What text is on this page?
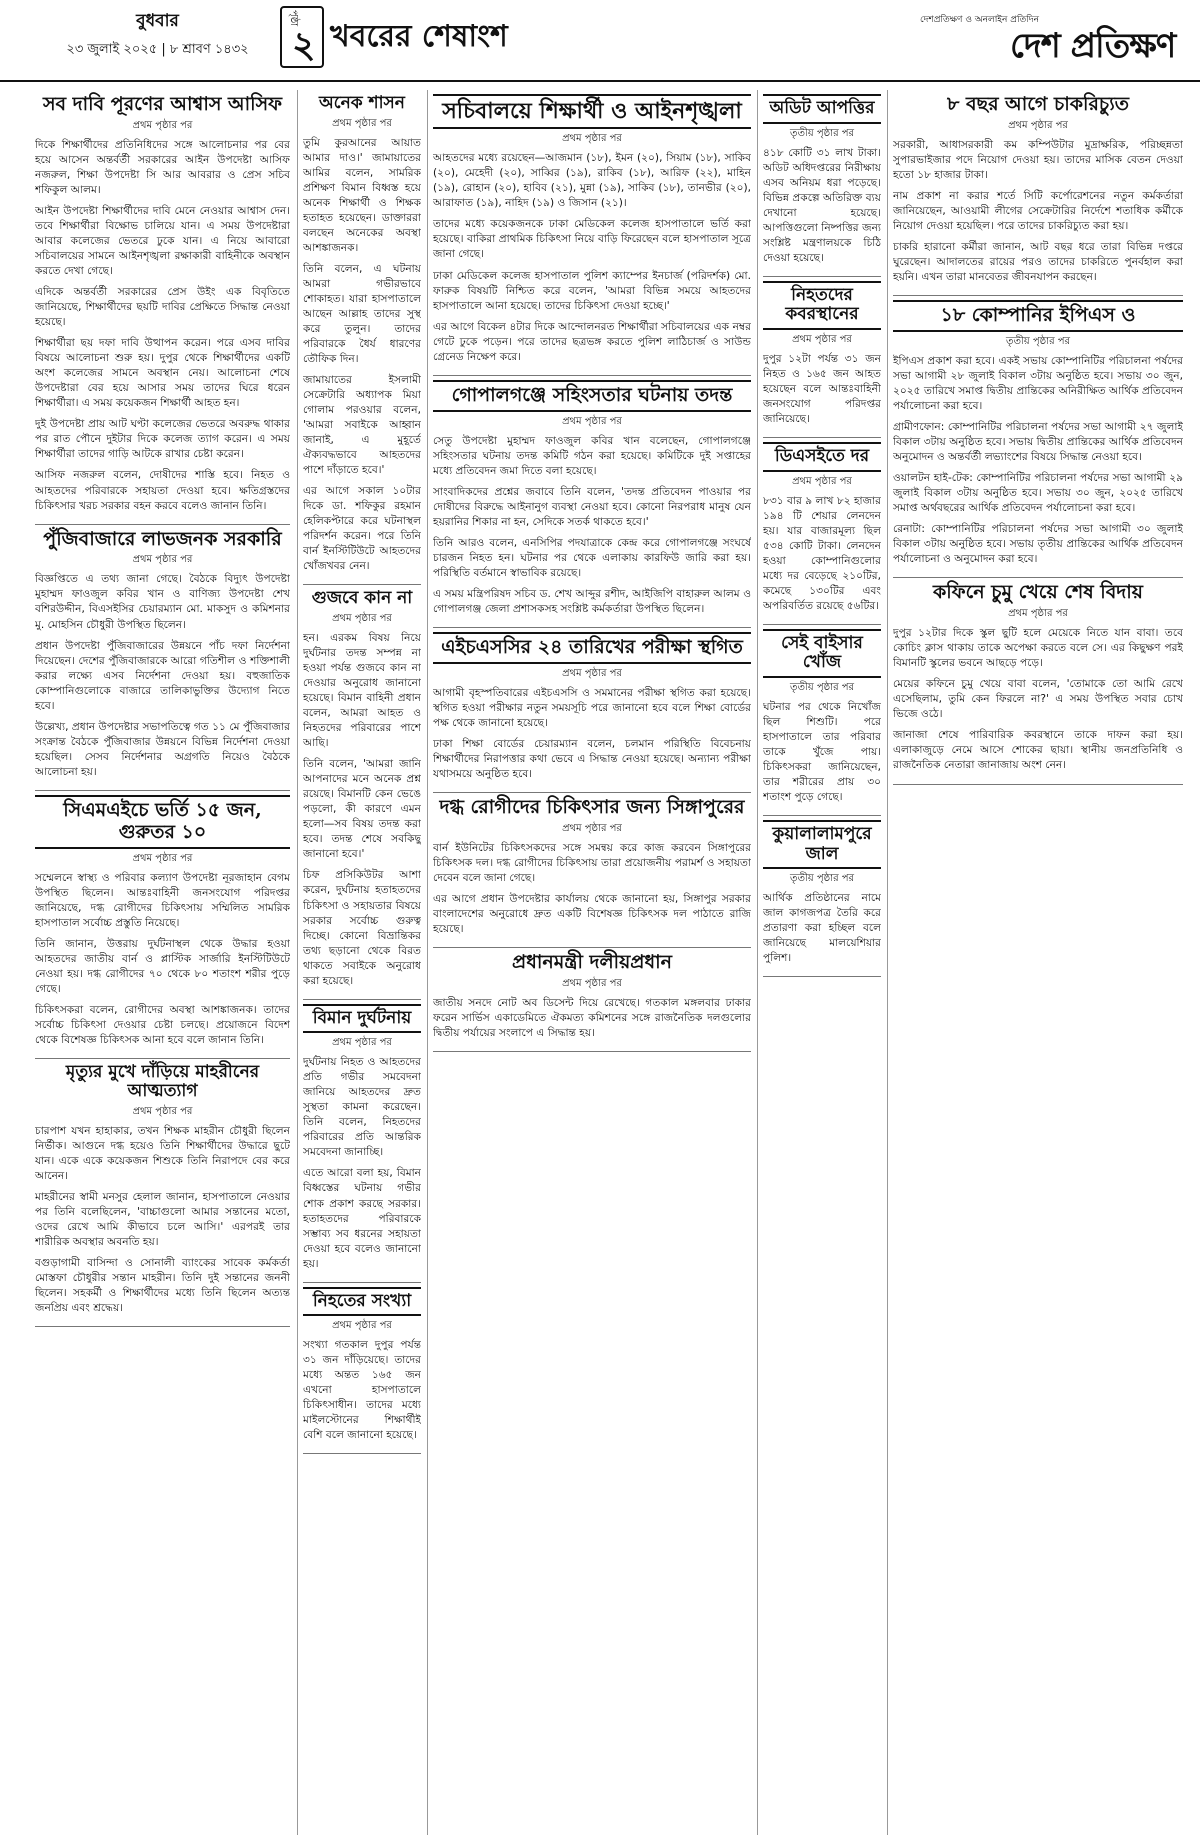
বুধবার
২৩ জুলাই ২০২৫ | ৮ শ্রাবণ ১৪৩২
পৃষ্ঠা
২ খবরের শেষাংশ	দেশপ্রতিক্ষণ ও অনলাইন প্রতিদিন
দেশ প্রতিক্ষণ
সব দাবি পূরণের আশ্বাস আসিফ

প্রথম পৃষ্ঠার পর

দিকে শিক্ষার্থীদের প্রতিনিধিদের সঙ্গে আলোচনার পর বের হয়ে আসেন অন্তর্বর্তী সরকারের আইন উপদেষ্টা আসিফ নজরুল, শিক্ষা উপদেষ্টা সি আর আবরার ও প্রেস সচিব শফিকুল আলম।

আইন উপদেষ্টা শিক্ষার্থীদের দাবি মেনে নেওয়ার আশ্বাস দেন। তবে শিক্ষার্থীরা বিক্ষোভ চালিয়ে যান। এ সময় উপদেষ্টারা আবার কলেজের ভেতরে ঢুকে যান। এ নিয়ে আবারো সচিবালয়ের সামনে আইনশৃঙ্খলা রক্ষাকারী বাহিনীকে অবস্থান করতে দেখা গেছে।

এদিকে অন্তর্বর্তী সরকারের প্রেস উইং এক বিবৃতিতে জানিয়েছে, শিক্ষার্থীদের ছয়টি দাবির প্রেক্ষিতে সিদ্ধান্ত নেওয়া হয়েছে।

শিক্ষার্থীরা ছয় দফা দাবি উত্থাপন করেন। পরে এসব দাবির বিষয়ে আলোচনা শুরু হয়। দুপুর থেকে শিক্ষার্থীদের একটি অংশ কলেজের সামনে অবস্থান নেয়। আলোচনা শেষে উপদেষ্টারা বের হয়ে আসার সময় তাদের ঘিরে ধরেন শিক্ষার্থীরা। এ সময় কয়েকজন শিক্ষার্থী আহত হন।

দুই উপদেষ্টা প্রায় আট ঘণ্টা কলেজের ভেতরে অবরুদ্ধ থাকার পর রাত পৌনে দুইটার দিকে কলেজ ত্যাগ করেন। এ সময় শিক্ষার্থীরা তাদের গাড়ি আটকে রাখার চেষ্টা করেন।

আসিফ নজরুল বলেন, দোষীদের শাস্তি হবে। নিহত ও আহতদের পরিবারকে সহায়তা দেওয়া হবে। ক্ষতিগ্রস্তদের চিকিৎসার খরচ সরকার বহন করবে বলেও জানান তিনি।

পুঁজিবাজারে লাভজনক সরকারি

প্রথম পৃষ্ঠার পর

বিজ্ঞপ্তিতে এ তথ্য জানা গেছে। বৈঠকে বিদ্যুৎ উপদেষ্টা মুহাম্মদ ফাওজুল কবির খান ও বাণিজ্য উপদেষ্টা শেখ বশিরউদ্দীন, বিএসইসির চেয়ারম্যান মো. মাকসুদ ও কমিশনার মু. মোহসিন চৌধুরী উপস্থিত ছিলেন।

প্রধান উপদেষ্টা পুঁজিবাজারের উন্নয়নে পাঁচ দফা নির্দেশনা দিয়েছেন। দেশের পুঁজিবাজারকে আরো গতিশীল ও শক্তিশালী করার লক্ষ্যে এসব নির্দেশনা দেওয়া হয়। বহুজাতিক কোম্পানিগুলোকে বাজারে তালিকাভুক্তির উদ্যোগ নিতে হবে।

উল্লেখ্য, প্রধান উপদেষ্টার সভাপতিত্বে গত ১১ মে পুঁজিবাজার সংক্রান্ত বৈঠকে পুঁজিবাজার উন্নয়নে বিভিন্ন নির্দেশনা দেওয়া হয়েছিল। সেসব নির্দেশনার অগ্রগতি নিয়েও বৈঠকে আলোচনা হয়।

সিএমএইচে ভর্তি ১৫ জন, গুরুতর ১০

প্রথম পৃষ্ঠার পর

সম্মেলনে স্বাস্থ্য ও পরিবার কল্যাণ উপদেষ্টা নূরজাহান বেগম উপস্থিত ছিলেন। আন্তঃবাহিনী জনসংযোগ পরিদপ্তর জানিয়েছে, দগ্ধ রোগীদের চিকিৎসায় সম্মিলিত সামরিক হাসপাতাল সর্বোচ্চ প্রস্তুতি নিয়েছে।

তিনি জানান, উত্তরায় দুর্ঘটনাস্থল থেকে উদ্ধার হওয়া আহতদের জাতীয় বার্ন ও প্লাস্টিক সার্জারি ইনস্টিটিউটে নেওয়া হয়। দগ্ধ রোগীদের ৭০ থেকে ৮০ শতাংশ শরীর পুড়ে গেছে।

চিকিৎসকরা বলেন, রোগীদের অবস্থা আশঙ্কাজনক। তাদের সর্বোচ্চ চিকিৎসা দেওয়ার চেষ্টা চলছে। প্রয়োজনে বিদেশ থেকে বিশেষজ্ঞ চিকিৎসক আনা হবে বলে জানান তিনি।

মৃত্যুর মুখে দাঁড়িয়ে মাহরীনের আত্মত্যাগ

প্রথম পৃষ্ঠার পর

চারপাশ যখন হাহাকার, তখন শিক্ষক মাহরীন চৌধুরী ছিলেন নির্ভীক। আগুনে দগ্ধ হয়েও তিনি শিক্ষার্থীদের উদ্ধারে ছুটে যান। একে একে কয়েকজন শিশুকে তিনি নিরাপদে বের করে আনেন।

মাহরীনের স্বামী মনসুর হেলাল জানান, হাসপাতালে নেওয়ার পর তিনি বলেছিলেন, 'বাচ্চাগুলো আমার সন্তানের মতো, ওদের রেখে আমি কীভাবে চলে আসি।' এরপরই তার শারীরিক অবস্থার অবনতি হয়।

বগুড়াগামী বাসিন্দা ও সোনালী ব্যাংকের সাবেক কর্মকর্তা মোস্তফা চৌধুরীর সন্তান মাহরীন। তিনি দুই সন্তানের জননী ছিলেন। সহকর্মী ও শিক্ষার্থীদের মধ্যে তিনি ছিলেন অত্যন্ত জনপ্রিয় এবং শ্রদ্ধেয়।

অনেক শাসন

প্রথম পৃষ্ঠার পর

তুমি কুরআনের আয়াত আমার দাও।' জামায়াতের আমির বলেন, সামরিক প্রশিক্ষণ বিমান বিধ্বস্ত হয়ে অনেক শিক্ষার্থী ও শিক্ষক হতাহত হয়েছেন। ডাক্তাররা বলছেন অনেকের অবস্থা আশঙ্কাজনক।

তিনি বলেন, এ ঘটনায় আমরা গভীরভাবে শোকাহত। যারা হাসপাতালে আছেন আল্লাহ তাদের সুস্থ করে তুলুন। তাদের পরিবারকে ধৈর্য ধারণের তৌফিক দিন।

জামায়াতের ইসলামী সেক্রেটারি অধ্যাপক মিয়া গোলাম পরওয়ার বলেন, 'আমরা সবাইকে আহ্বান জানাই, এ মুহূর্তে ঐক্যবদ্ধভাবে আহতদের পাশে দাঁড়াতে হবে।'

এর আগে সকাল ১০টার দিকে ডা. শফিকুর রহমান হেলিকপ্টারে করে ঘটনাস্থল পরিদর্শন করেন। পরে তিনি বার্ন ইনস্টিটিউটে আহতদের খোঁজখবর নেন।

গুজবে কান না

প্রথম পৃষ্ঠার পর

হন। এরকম বিষয় নিয়ে দুর্ঘটনার তদন্ত সম্পন্ন না হওয়া পর্যন্ত গুজবে কান না দেওয়ার অনুরোধ জানানো হয়েছে। বিমান বাহিনী প্রধান বলেন, আমরা আহত ও নিহতদের পরিবারের পাশে আছি।

তিনি বলেন, 'আমরা জানি আপনাদের মনে অনেক প্রশ্ন রয়েছে। বিমানটি কেন ভেঙে পড়লো, কী কারণে এমন হলো—সব বিষয় তদন্ত করা হবে। তদন্ত শেষে সবকিছু জানানো হবে।'

চিফ প্রসিকিউটর আশা করেন, দুর্ঘটনায় হতাহতদের চিকিৎসা ও সহায়তার বিষয়ে সরকার সর্বোচ্চ গুরুত্ব দিচ্ছে। কোনো বিভ্রান্তিকর তথ্য ছড়ানো থেকে বিরত থাকতে সবাইকে অনুরোধ করা হয়েছে।

বিমান দুর্ঘটনায়

প্রথম পৃষ্ঠার পর

দুর্ঘটনায় নিহত ও আহতদের প্রতি গভীর সমবেদনা জানিয়ে আহতদের দ্রুত সুস্থতা কামনা করেছেন। তিনি বলেন, নিহতদের পরিবারের প্রতি আন্তরিক সমবেদনা জানাচ্ছি।

এতে আরো বলা হয়, বিমান বিধ্বস্তের ঘটনায় গভীর শোক প্রকাশ করছে সরকার। হতাহতদের পরিবারকে সম্ভাব্য সব ধরনের সহায়তা দেওয়া হবে বলেও জানানো হয়।

নিহতের সংখ্যা

প্রথম পৃষ্ঠার পর

সংখ্যা গতকাল দুপুর পর্যন্ত ৩১ জন দাঁড়িয়েছে। তাদের মধ্যে অন্তত ১৬৫ জন এখনো হাসপাতালে চিকিৎসাধীন। তাদের মধ্যে মাইলস্টোনের শিক্ষার্থীই বেশি বলে জানানো হয়েছে।

সচিবালয়ে শিক্ষার্থী ও আইনশৃঙ্খলা

প্রথম পৃষ্ঠার পর

আহতদের মধ্যে রয়েছেন—আজমান (১৮), ইমন (২০), সিয়াম (১৮), সাকিব (২০), মেহেদী (২০), সাব্বির (১৯), রাকিব (১৮), আরিফ (২২), মাহিন (১৯), রোহান (২০), হাবিব (২১), মুন্না (১৯), সাকিব (১৮), তানভীর (২০), আরাফাত (১৯), নাহিদ (১৯) ও জিসান (২১)।

তাদের মধ্যে কয়েকজনকে ঢাকা মেডিকেল কলেজ হাসপাতালে ভর্তি করা হয়েছে। বাকিরা প্রাথমিক চিকিৎসা নিয়ে বাড়ি ফিরেছেন বলে হাসপাতাল সূত্রে জানা গেছে।

ঢাকা মেডিকেল কলেজ হাসপাতাল পুলিশ ক্যাম্পের ইনচার্জ (পরিদর্শক) মো. ফারুক বিষয়টি নিশ্চিত করে বলেন, 'আমরা বিভিন্ন সময়ে আহতদের হাসপাতালে আনা হয়েছে। তাদের চিকিৎসা দেওয়া হচ্ছে।'

এর আগে বিকেল ৪টার দিকে আন্দোলনরত শিক্ষার্থীরা সচিবালয়ের এক নম্বর গেটে ঢুকে পড়েন। পরে তাদের ছত্রভঙ্গ করতে পুলিশ লাঠিচার্জ ও সাউন্ড গ্রেনেড নিক্ষেপ করে।

গোপালগঞ্জে সহিংসতার ঘটনায় তদন্ত

প্রথম পৃষ্ঠার পর

সেতু উপদেষ্টা মুহাম্মদ ফাওজুল কবির খান বলেছেন, গোপালগঞ্জে সহিংসতার ঘটনায় তদন্ত কমিটি গঠন করা হয়েছে। কমিটিকে দুই সপ্তাহের মধ্যে প্রতিবেদন জমা দিতে বলা হয়েছে।

সাংবাদিকদের প্রশ্নের জবাবে তিনি বলেন, 'তদন্ত প্রতিবেদন পাওয়ার পর দোষীদের বিরুদ্ধে আইনানুগ ব্যবস্থা নেওয়া হবে। কোনো নিরপরাধ মানুষ যেন হয়রানির শিকার না হন, সেদিকে সতর্ক থাকতে হবে।'

তিনি আরও বলেন, এনসিপির পদযাত্রাকে কেন্দ্র করে গোপালগঞ্জে সংঘর্ষে চারজন নিহত হন। ঘটনার পর থেকে এলাকায় কারফিউ জারি করা হয়। পরিস্থিতি বর্তমানে স্বাভাবিক রয়েছে।

এ সময় মন্ত্রিপরিষদ সচিব ড. শেখ আব্দুর রশীদ, আইজিপি বাহারুল আলম ও গোপালগঞ্জ জেলা প্রশাসকসহ সংশ্লিষ্ট কর্মকর্তারা উপস্থিত ছিলেন।

এইচএসসির ২৪ তারিখের পরীক্ষা স্থগিত

প্রথম পৃষ্ঠার পর

আগামী বৃহস্পতিবারের এইচএসসি ও সমমানের পরীক্ষা স্থগিত করা হয়েছে। স্থগিত হওয়া পরীক্ষার নতুন সময়সূচি পরে জানানো হবে বলে শিক্ষা বোর্ডের পক্ষ থেকে জানানো হয়েছে।

ঢাকা শিক্ষা বোর্ডের চেয়ারম্যান বলেন, চলমান পরিস্থিতি বিবেচনায় শিক্ষার্থীদের নিরাপত্তার কথা ভেবে এ সিদ্ধান্ত নেওয়া হয়েছে। অন্যান্য পরীক্ষা যথাসময়ে অনুষ্ঠিত হবে।

দগ্ধ রোগীদের চিকিৎসার জন্য সিঙ্গাপুরের

প্রথম পৃষ্ঠার পর

বার্ন ইউনিটের চিকিৎসকদের সঙ্গে সমন্বয় করে কাজ করবেন সিঙ্গাপুরের চিকিৎসক দল। দগ্ধ রোগীদের চিকিৎসায় তারা প্রয়োজনীয় পরামর্শ ও সহায়তা দেবেন বলে জানা গেছে।

এর আগে প্রধান উপদেষ্টার কার্যালয় থেকে জানানো হয়, সিঙ্গাপুর সরকার বাংলাদেশের অনুরোধে দ্রুত একটি বিশেষজ্ঞ চিকিৎসক দল পাঠাতে রাজি হয়েছে।

প্রধানমন্ত্রী দলীয়প্রধান

প্রথম পৃষ্ঠার পর

জাতীয় সনদে নোট অব ডিসেন্ট দিয়ে রেখেছে। গতকাল মঙ্গলবার ঢাকার ফরেন সার্ভিস একাডেমিতে ঐকমত্য কমিশনের সঙ্গে রাজনৈতিক দলগুলোর দ্বিতীয় পর্যায়ের সংলাপে এ সিদ্ধান্ত হয়।

অডিট আপত্তির

তৃতীয় পৃষ্ঠার পর

৪১৮ কোটি ৩১ লাখ টাকা। অডিট অধিদপ্তরের নিরীক্ষায় এসব অনিয়ম ধরা পড়েছে। বিভিন্ন প্রকল্পে অতিরিক্ত ব্যয় দেখানো হয়েছে। আপত্তিগুলো নিষ্পত্তির জন্য সংশ্লিষ্ট মন্ত্রণালয়কে চিঠি দেওয়া হয়েছে।

নিহতদের কবরস্থানের

প্রথম পৃষ্ঠার পর

দুপুর ১২টা পর্যন্ত ৩১ জন নিহত ও ১৬৫ জন আহত হয়েছেন বলে আন্তঃবাহিনী জনসংযোগ পরিদপ্তর জানিয়েছে।

ডিএসইতে দর

প্রথম পৃষ্ঠার পর

৮৩১ বার ৯ লাখ ৮২ হাজার ১৯৪ টি শেয়ার লেনদেন হয়। যার বাজারমূল্য ছিল ৫৩৪ কোটি টাকা। লেনদেন হওয়া কোম্পানিগুলোর মধ্যে দর বেড়েছে ২১০টির, কমেছে ১৩০টির এবং অপরিবর্তিত রয়েছে ৫৬টির।

সেই বাইসার খোঁজ

তৃতীয় পৃষ্ঠার পর

ঘটনার পর থেকে নিখোঁজ ছিল শিশুটি। পরে হাসপাতালে তার পরিবার তাকে খুঁজে পায়। চিকিৎসকরা জানিয়েছেন, তার শরীরের প্রায় ৩০ শতাংশ পুড়ে গেছে।

কুয়ালালামপুরে জাল

তৃতীয় পৃষ্ঠার পর

আর্থিক প্রতিষ্ঠানের নামে জাল কাগজপত্র তৈরি করে প্রতারণা করা হচ্ছিল বলে জানিয়েছে মালয়েশিয়ার পুলিশ।

৮ বছর আগে চাকরিচ্যুত

প্রথম পৃষ্ঠার পর

সরকারী, আধাসরকারী কম কম্পিউটার মুদ্রাক্ষরিক, পরিচ্ছন্নতা সুপারভাইজার পদে নিয়োগ দেওয়া হয়। তাদের মাসিক বেতন দেওয়া হতো ১৮ হাজার টাকা।

নাম প্রকাশ না করার শর্তে সিটি কর্পোরেশনের নতুন কর্মকর্তারা জানিয়েছেন, আওয়ামী লীগের সেক্রেটারির নির্দেশে শতাধিক কর্মীকে নিয়োগ দেওয়া হয়েছিল। পরে তাদের চাকরিচ্যুত করা হয়।

চাকরি হারানো কর্মীরা জানান, আট বছর ধরে তারা বিভিন্ন দপ্তরে ঘুরেছেন। আদালতের রায়ের পরও তাদের চাকরিতে পুনর্বহাল করা হয়নি। এখন তারা মানবেতর জীবনযাপন করছেন।

১৮ কোম্পানির ইপিএস ও

তৃতীয় পৃষ্ঠার পর

ইপিএস প্রকাশ করা হবে। একই সভায় কোম্পানিটির পরিচালনা পর্ষদের সভা আগামী ২৮ জুলাই বিকাল ৩টায় অনুষ্ঠিত হবে। সভায় ৩০ জুন, ২০২৫ তারিখে সমাপ্ত দ্বিতীয় প্রান্তিকের অনিরীক্ষিত আর্থিক প্রতিবেদন পর্যালোচনা করা হবে।

গ্রামীণফোন: কোম্পানিটির পরিচালনা পর্ষদের সভা আগামী ২৭ জুলাই বিকাল ৩টায় অনুষ্ঠিত হবে। সভায় দ্বিতীয় প্রান্তিকের আর্থিক প্রতিবেদন অনুমোদন ও অন্তর্বর্তী লভ্যাংশের বিষয়ে সিদ্ধান্ত নেওয়া হবে।

ওয়ালটন হাই-টেক: কোম্পানিটির পরিচালনা পর্ষদের সভা আগামী ২৯ জুলাই বিকাল ৩টায় অনুষ্ঠিত হবে। সভায় ৩০ জুন, ২০২৫ তারিখে সমাপ্ত অর্থবছরের আর্থিক প্রতিবেদন পর্যালোচনা করা হবে।

রেনাটা: কোম্পানিটির পরিচালনা পর্ষদের সভা আগামী ৩০ জুলাই বিকাল ৩টায় অনুষ্ঠিত হবে। সভায় তৃতীয় প্রান্তিকের আর্থিক প্রতিবেদন পর্যালোচনা ও অনুমোদন করা হবে।

কফিনে চুমু খেয়ে শেষ বিদায়

প্রথম পৃষ্ঠার পর

দুপুর ১২টার দিকে স্কুল ছুটি হলে মেয়েকে নিতে যান বাবা। তবে কোচিং ক্লাস থাকায় তাকে অপেক্ষা করতে বলে সে। এর কিছুক্ষণ পরই বিমানটি স্কুলের ভবনে আছড়ে পড়ে।

মেয়ের কফিনে চুমু খেয়ে বাবা বলেন, 'তোমাকে তো আমি রেখে এসেছিলাম, তুমি কেন ফিরলে না?' এ সময় উপস্থিত সবার চোখ ভিজে ওঠে।

জানাজা শেষে পারিবারিক কবরস্থানে তাকে দাফন করা হয়। এলাকাজুড়ে নেমে আসে শোকের ছায়া। স্থানীয় জনপ্রতিনিধি ও রাজনৈতিক নেতারা জানাজায় অংশ নেন।
